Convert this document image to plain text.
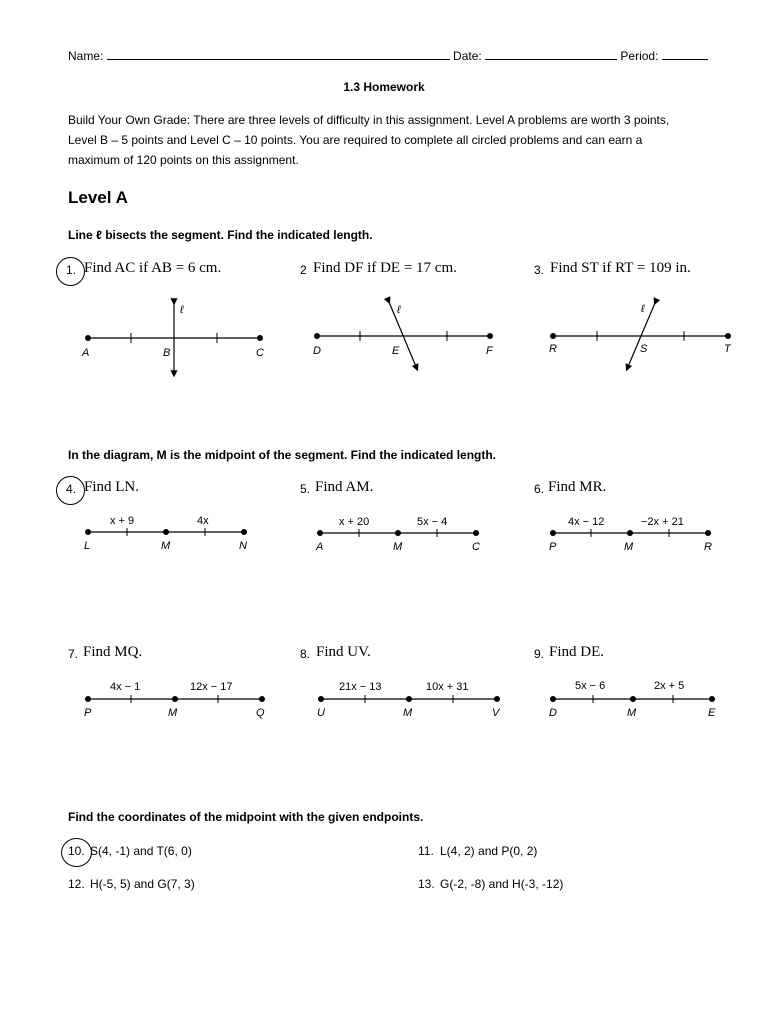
Name:	Date:	Period:
1.3 Homework
Build Your Own Grade: There are three levels of difficulty in this assignment. Level A problems are worth 3 points,
Level B – 5 points and Level C – 10 points. You are required to complete all circled problems and can earn a
maximum of 120 points on this assignment.
Level A
Line ℓ bisects the segment. Find the indicated length.
1. Find AC if AB = 6 cm.	2 Find DF if DE = 17 cm.	3. Find ST if RT = 109 in.
ℓ
A	B	C
ℓ
D	E	F
ℓ
R	S	T
x + 9	4x
L	M	N
x + 20	5x − 4
A	M	C
4x − 12	−2x + 21
P	M	R
4x − 1	12x − 17
P	M	Q
21x − 13	10x + 31
U	M	V
5x − 6	2x + 5
D	M	E
In the diagram, M is the midpoint of the segment. Find the indicated length.
4. Find LN.	5. Find AM.	6. Find MR.
7. Find MQ.	8. Find UV.	9. Find DE.
Find the coordinates of the midpoint with the given endpoints.
10. S(4, -1) and T(6, 0)	11. L(4, 2) and P(0, 2)
12. H(-5, 5) and G(7, 3)	13. G(-2, -8) and H(-3, -12)
